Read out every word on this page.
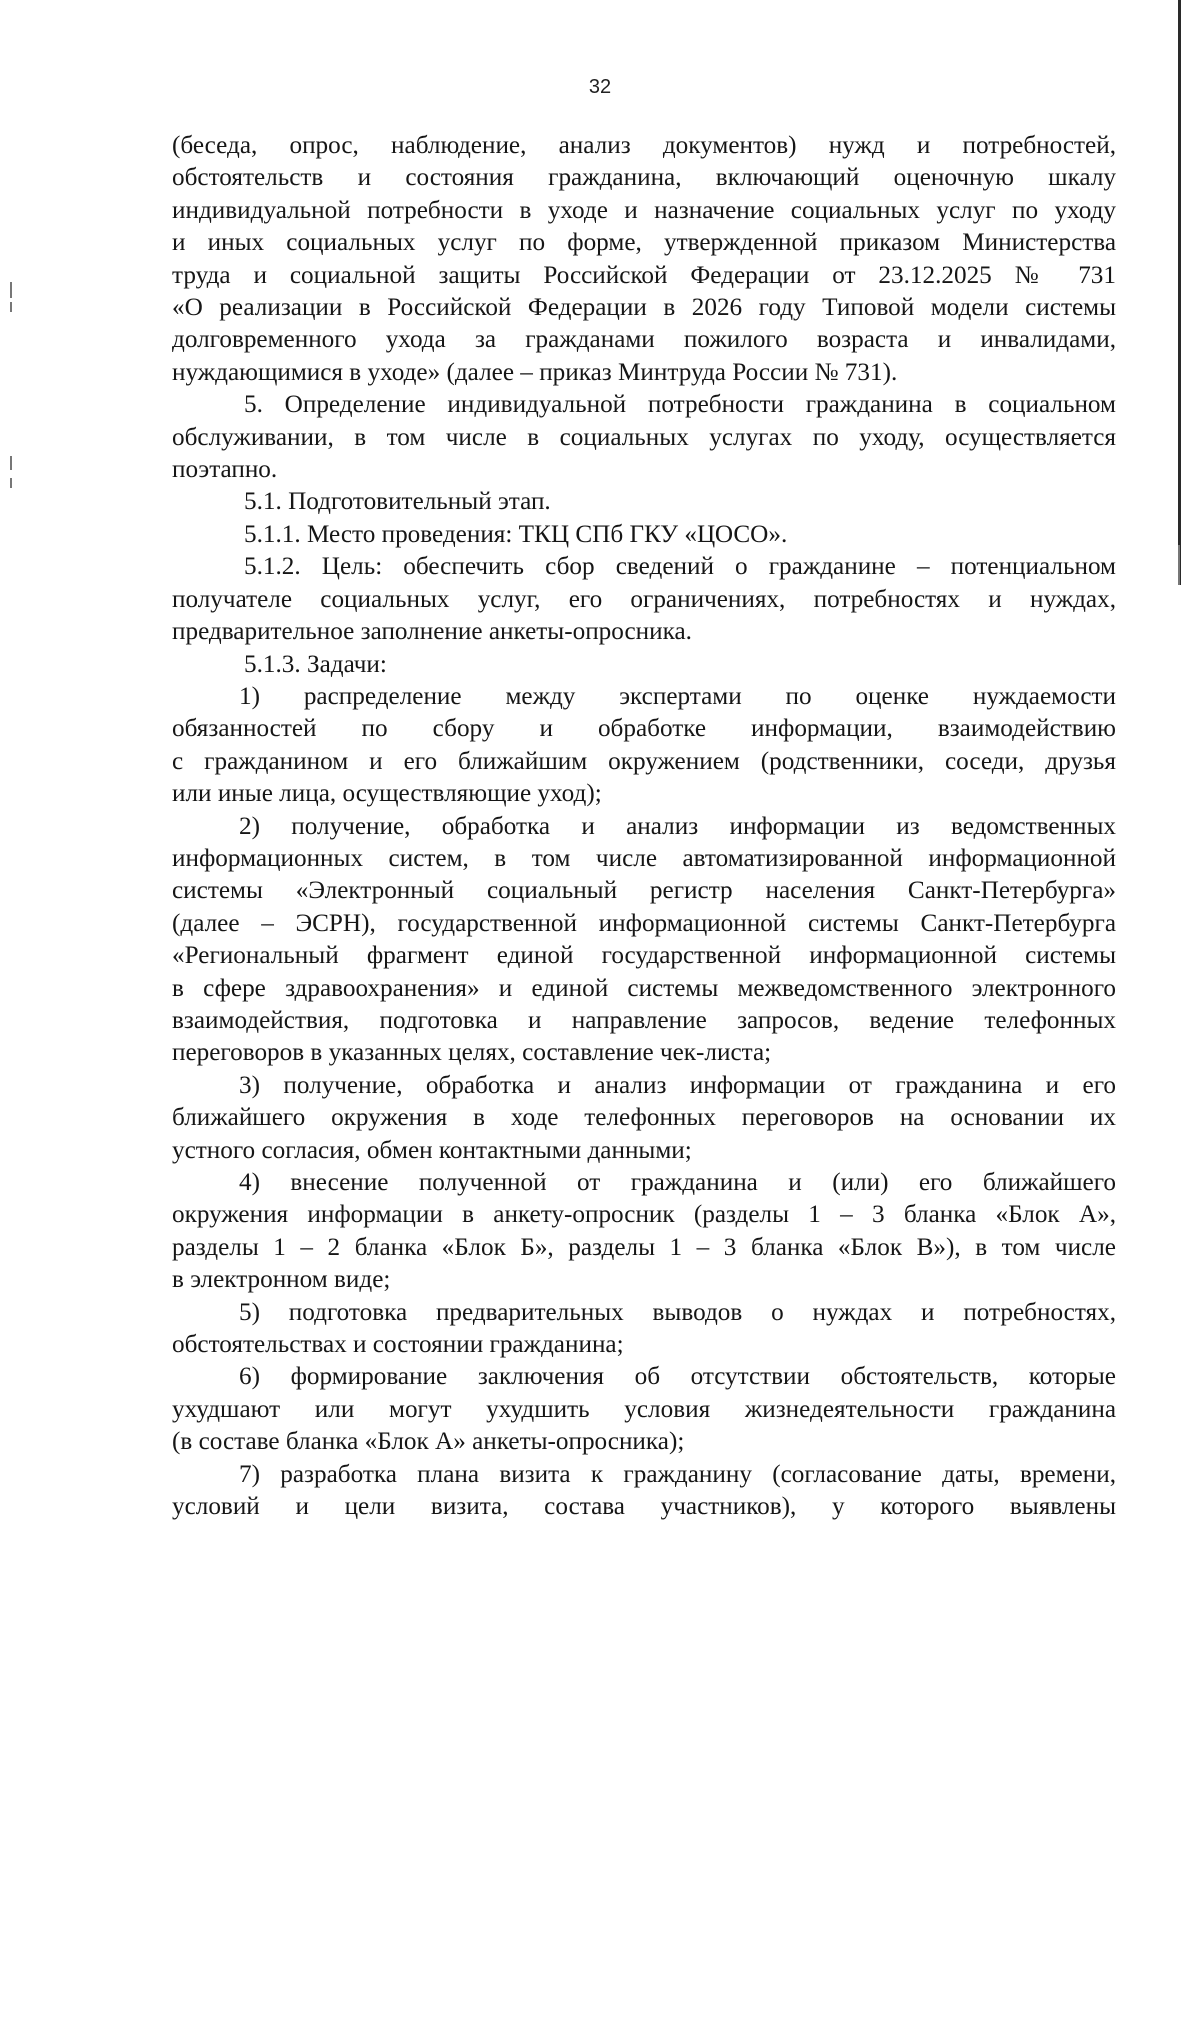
32

(беседа, опрос, наблюдение, анализ документов) нужд и потребностей,
обстоятельств и состояния гражданина, включающий оценочную шкалу
индивидуальной потребности в уходе и назначение социальных услуг по уходу
и иных социальных услуг по форме, утвержденной приказом Министерства
труда и социальной защиты Российской Федерации от 23.12.2025 № 731
«О реализации в Российской Федерации в 2026 году Типовой модели системы
долговременного ухода за гражданами пожилого возраста и инвалидами,
нуждающимися в уходе» (далее – приказ Минтруда России № 731).

5. Определение индивидуальной потребности гражданина в социальном
обслуживании, в том числе в социальных услугах по уходу, осуществляется
поэтапно.

5.1. Подготовительный этап.

5.1.1. Место проведения: ТКЦ СПб ГКУ «ЦОСО».

5.1.2. Цель: обеспечить сбор сведений о гражданине – потенциальном
получателе социальных услуг, его ограничениях, потребностях и нуждах,
предварительное заполнение анкеты-опросника.

5.1.3. Задачи:

1) распределение между экспертами по оценке нуждаемости
обязанностей по сбору и обработке информации, взаимодействию
с гражданином и его ближайшим окружением (родственники, соседи, друзья
или иные лица, осуществляющие уход);

2) получение, обработка и анализ информации из ведомственных
информационных систем, в том числе автоматизированной информационной
системы «Электронный социальный регистр населения Санкт-Петербурга»
(далее – ЭСРН), государственной информационной системы Санкт-Петербурга
«Региональный фрагмент единой государственной информационной системы
в сфере здравоохранения» и единой системы межведомственного электронного
взаимодействия, подготовка и направление запросов, ведение телефонных
переговоров в указанных целях, составление чек-листа;

3) получение, обработка и анализ информации от гражданина и его
ближайшего окружения в ходе телефонных переговоров на основании их
устного согласия, обмен контактными данными;

4) внесение полученной от гражданина и (или) его ближайшего
окружения информации в анкету-опросник (разделы 1 – 3 бланка «Блок А»,
разделы 1 – 2 бланка «Блок Б», разделы 1 – 3 бланка «Блок В»), в том числе
в электронном виде;

5) подготовка предварительных выводов о нуждах и потребностях,
обстоятельствах и состоянии гражданина;

6) формирование заключения об отсутствии обстоятельств, которые
ухудшают или могут ухудшить условия жизнедеятельности гражданина
(в составе бланка «Блок А» анкеты-опросника);

7) разработка плана визита к гражданину (согласование даты, времени,
условий и цели визита, состава участников), у которого выявлены
